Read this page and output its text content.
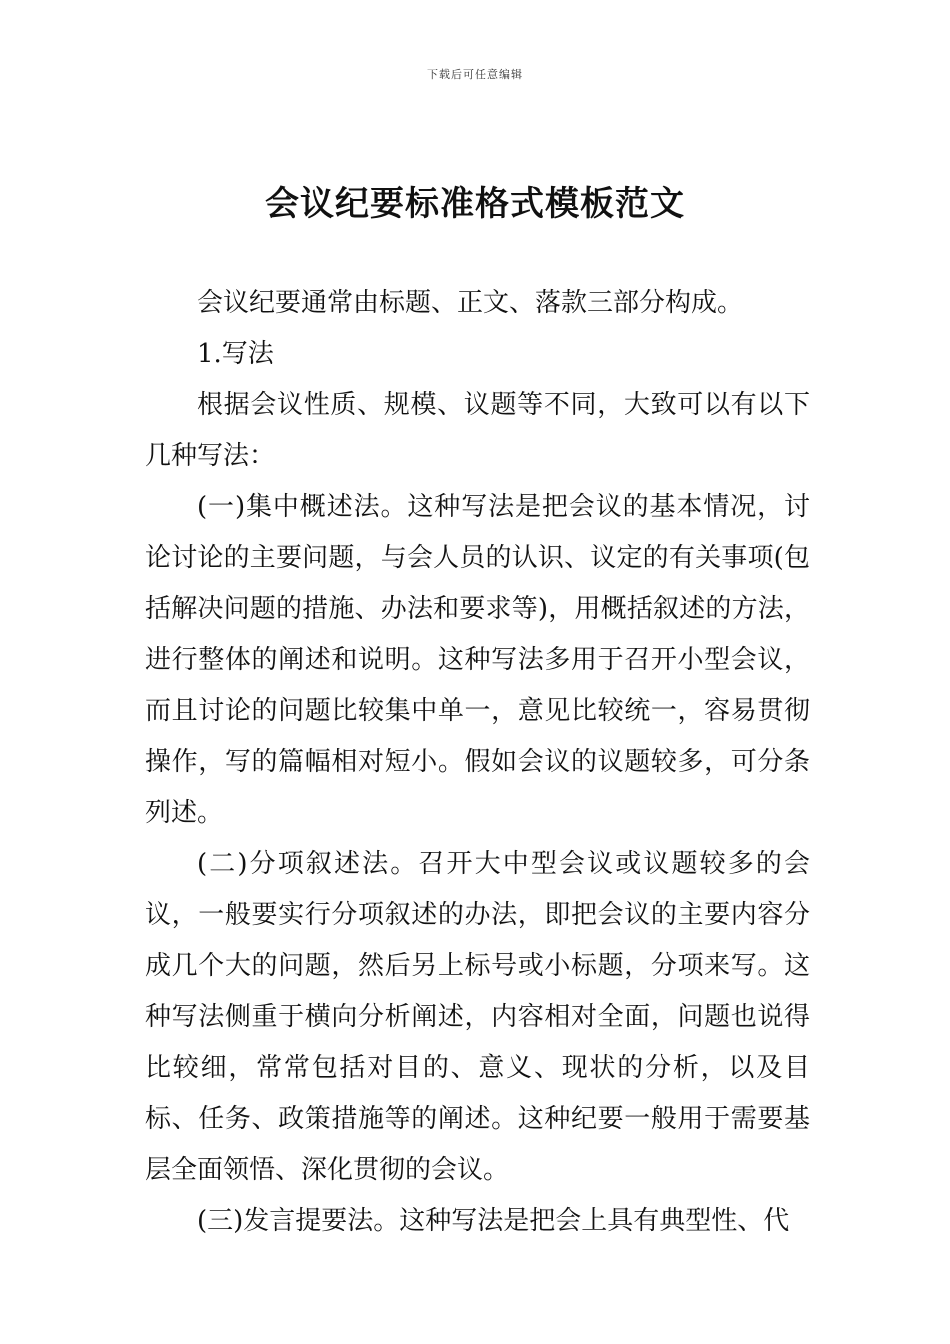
下载后可任意编辑
会议纪要标准格式模板范文

会议纪要通常由标题、正文、落款三部分构成。

1.写法

根据会议性质、规模、议题等不同，大致可以有以下几种写法：

(一)集中概述法。这种写法是把会议的基本情况，讨论讨论的主要问题，与会人员的认识、议定的有关事项(包括解决问题的措施、办法和要求等)，用概括叙述的方法，进行整体的阐述和说明。这种写法多用于召开小型会议，而且讨论的问题比较集中单一，意见比较统一，容易贯彻操作，写的篇幅相对短小。假如会议的议题较多，可分条列述。

(二)分项叙述法。召开大中型会议或议题较多的会议，一般要实行分项叙述的办法，即把会议的主要内容分成几个大的问题，然后另上标号或小标题，分项来写。这种写法侧重于横向分析阐述，内容相对全面，问题也说得比较细，常常包括对目的、意义、现状的分析，以及目标、任务、政策措施等的阐述。这种纪要一般用于需要基层全面领悟、深化贯彻的会议。

(三)发言提要法。这种写法是把会上具有典型性、代
